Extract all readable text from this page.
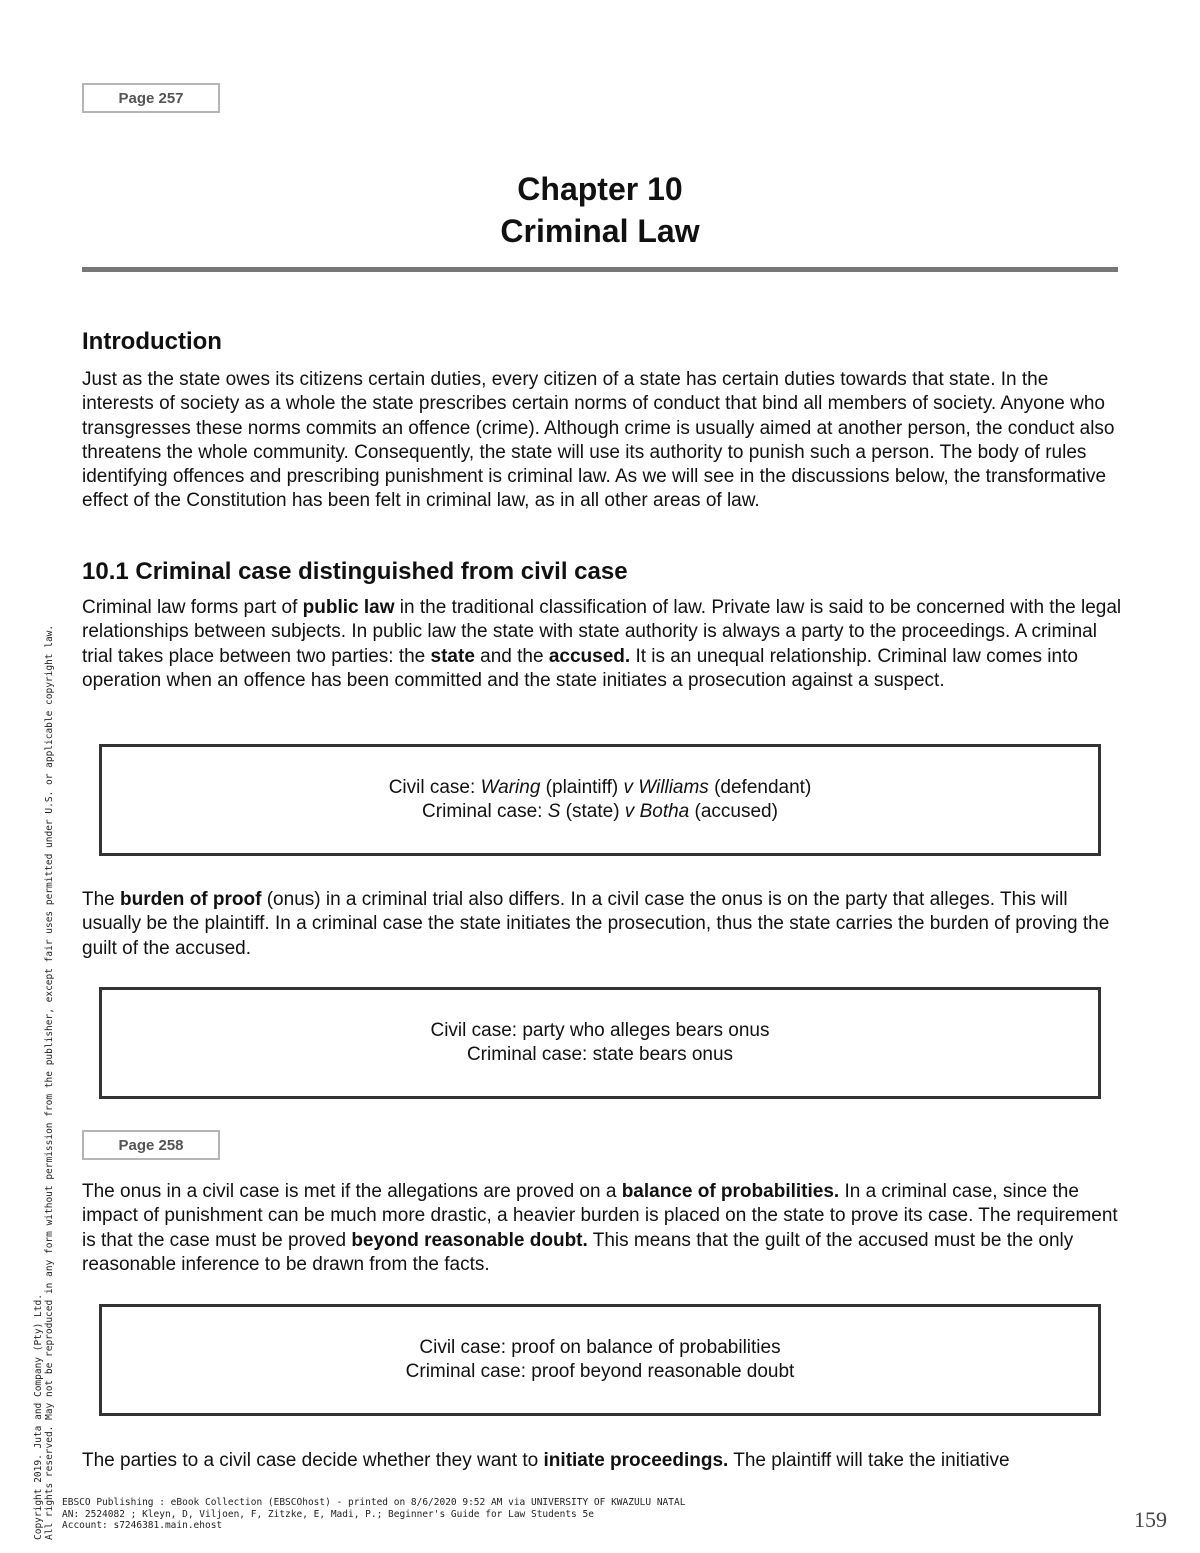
Page 257
Chapter 10
Criminal Law
Introduction

Just as the state owes its citizens certain duties, every citizen of a state has certain duties towards that state. In the interests of society as a whole the state prescribes certain norms of conduct that bind all members of society. Anyone who transgresses these norms commits an offence (crime). Although crime is usually aimed at another person, the conduct also threatens the whole community. Consequently, the state will use its authority to punish such a person. The body of rules identifying offences and prescribing punishment is criminal law. As we will see in the discussions below, the transformative effect of the Constitution has been felt in criminal law, as in all other areas of law.

10.1 Criminal case distinguished from civil case

Criminal law forms part of public law in the traditional classification of law. Private law is said to be concerned with the legal relationships between subjects. In public law the state with state authority is always a party to the proceedings. A criminal trial takes place between two parties: the state and the accused. It is an unequal relationship. Criminal law comes into operation when an offence has been committed and the state initiates a prosecution against a suspect.

Civil case: Waring (plaintiff) v Williams (defendant)
Criminal case: S (state) v Botha (accused)

The burden of proof (onus) in a criminal trial also differs. In a civil case the onus is on the party that alleges. This will usually be the plaintiff. In a criminal case the state initiates the prosecution, thus the state carries the burden of proving the guilt of the accused.

Civil case: party who alleges bears onus
Criminal case: state bears onus
Page 258

The onus in a civil case is met if the allegations are proved on a balance of probabilities. In a criminal case, since the impact of punishment can be much more drastic, a heavier burden is placed on the state to prove its case. The requirement is that the case must be proved beyond reasonable doubt. This means that the guilt of the accused must be the only reasonable inference to be drawn from the facts.

Civil case: proof on balance of probabilities
Criminal case: proof beyond reasonable doubt

The parties to a civil case decide whether they want to initiate proceedings. The plaintiff will take the initiative

Copyright 2019. Juta and Company (Pty) Ltd. All rights reserved. May not be reproduced in any form without permission from the publisher, except fair uses permitted under U.S. or applicable copyright law. EBSCO Publishing : eBook Collection (EBSCOhost) - printed on 8/6/2020 9:52 AM via UNIVERSITY OF KWAZULU NATAL
AN: 2524082 ; Kleyn, D, Viljoen, F, Zitzke, E, Madi, P.; Beginner's Guide for Law Students 5e
Account: s7246381.main.ehost	159
